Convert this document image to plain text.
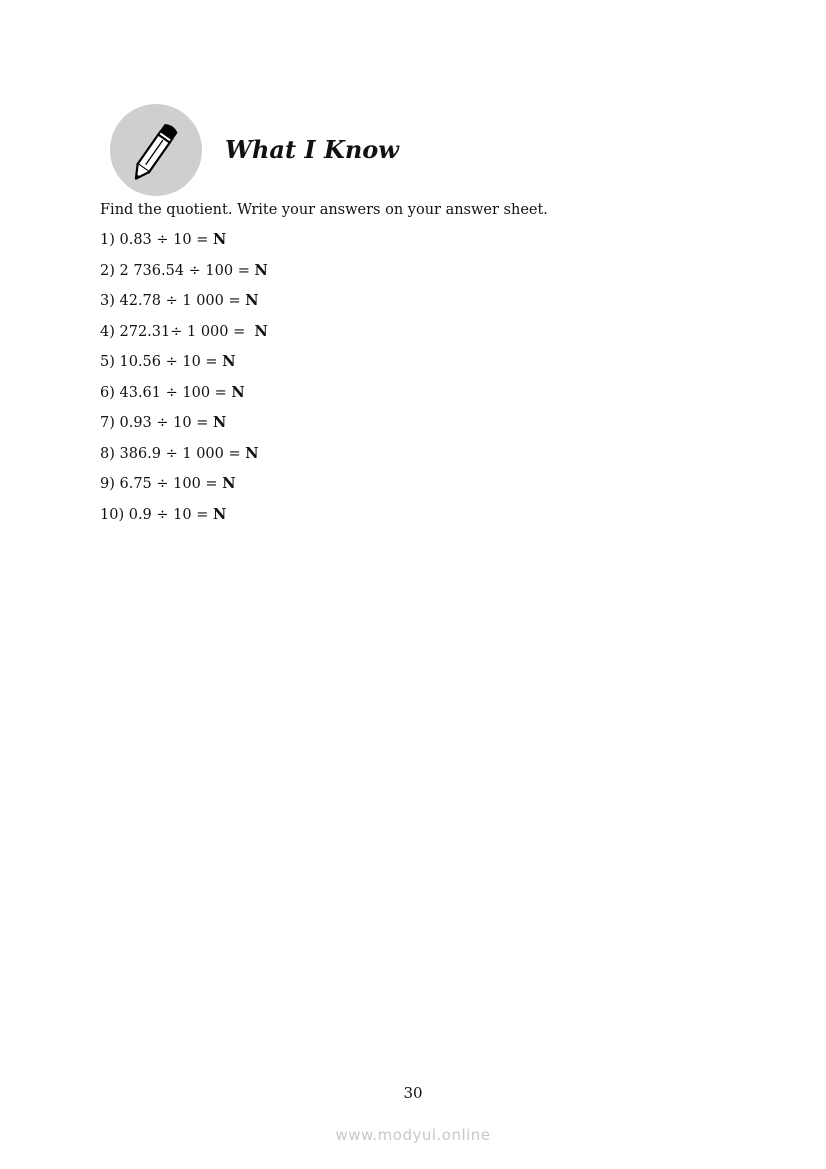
What I Know

Find the quotient. Write your answers on your answer sheet.

1) 0.83 ÷ 10 = N
2) 2 736.54 ÷ 100 = N
3) 42.78 ÷ 1 000 = N
4) 272.31÷ 1 000 =  N
5) 10.56 ÷ 10 = N
6) 43.61 ÷ 100 = N
7) 0.93 ÷ 10 = N
8) 386.9 ÷ 1 000 = N
9) 6.75 ÷ 100 = N
10) 0.9 ÷ 10 = N
30
www.modyul.online
